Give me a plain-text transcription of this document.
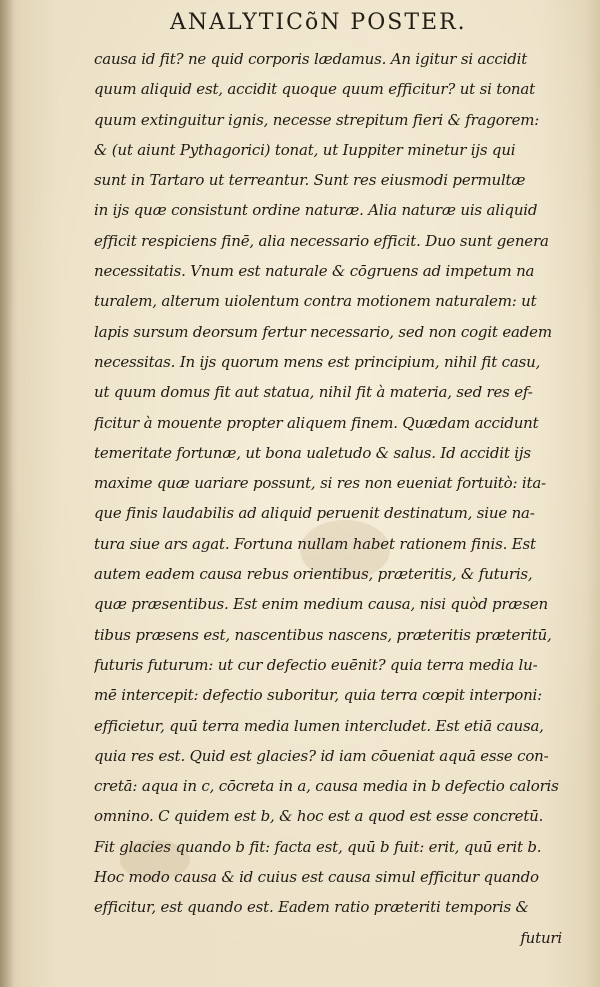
ANALYTICõN POSTER.
causa id fit? ne quid corporis lædamus. An igitur si accidit
quum aliquid est, accidit quoque quum efficitur? ut si tonat
quum extinguitur ignis, necesse strepitum fieri & fragorem:
& (ut aiunt Pythagorici) tonat, ut Iuppiter minetur ijs qui
sunt in Tartaro ut terreantur. Sunt res eiusmodi permultæ
in ijs quæ consistunt ordine naturæ. Alia naturæ uis aliquid
efficit respiciens finē, alia necessario efficit. Duo sunt genera
necessitatis. Vnum est naturale & cōgruens ad impetum na
turalem, alterum uiolentum contra motionem naturalem: ut
lapis sursum deorsum fertur necessario, sed non cogit eadem
necessitas. In ijs quorum mens est principium, nihil fit casu,
ut quum domus fit aut statua, nihil fit à materia, sed res ef-
ficitur à mouente propter aliquem finem. Quædam accidunt
temeritate fortunæ, ut bona ualetudo & salus. Id accidit ijs
maxime quæ uariare possunt, si res non eueniat fortuitò: ita-
que finis laudabilis ad aliquid peruenit destinatum, siue na-
tura siue ars agat. Fortuna nullam habet rationem finis. Est
autem eadem causa rebus orientibus, præteritis, & futuris,
quæ præsentibus. Est enim medium causa, nisi quòd præsen
tibus præsens est, nascentibus nascens, præteritis præteritū,
futuris futurum: ut cur defectio euēnit? quia terra media lu-
mē intercepit: defectio suboritur, quia terra cœpit interponi:
efficietur, quū terra media lumen intercludet. Est etiā causa,
quia res est. Quid est glacies? id iam cōueniat aquā esse con-
cretā: aqua in c, cōcreta in a, causa media in b defectio caloris
omnino. C quidem est b, & hoc est a quod est esse concretū.
Fit glacies quando b fit: facta est, quū b fuit: erit, quū erit b.
Hoc modo causa & id cuius est causa simul efficitur quando
efficitur, est quando est. Eadem ratio præteriti temporis &
futuri
